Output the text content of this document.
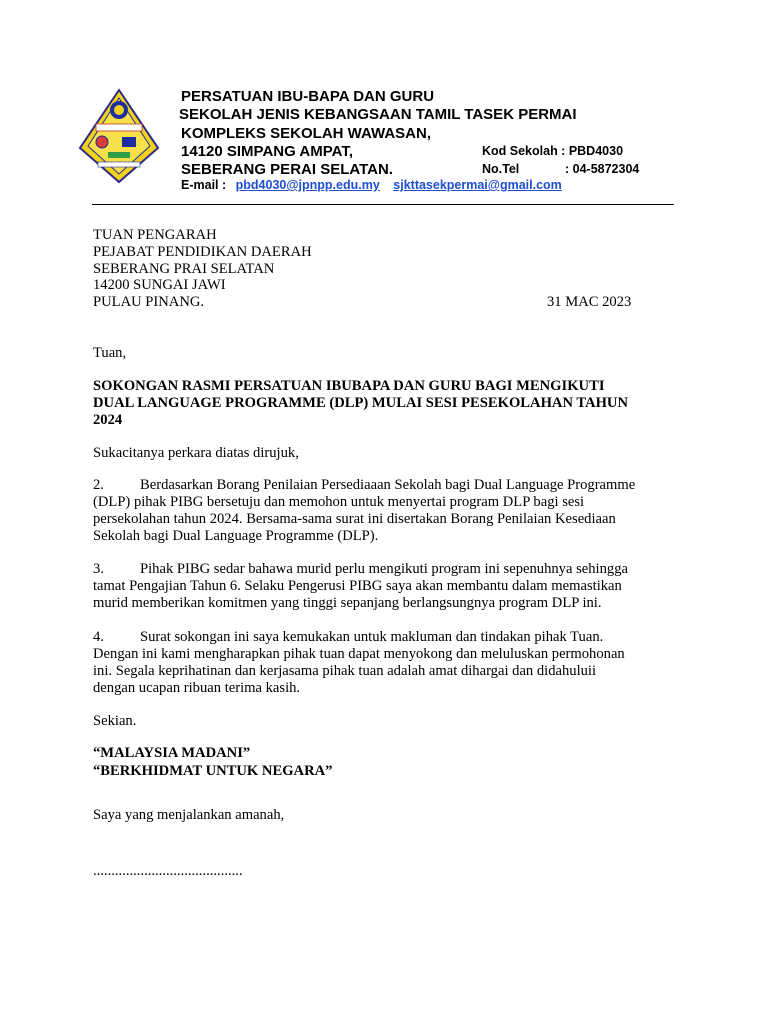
PERSATUAN IBU-BAPA DAN GURU
SEKOLAH JENIS KEBANGSAAN TAMIL TASEK PERMAI
KOMPLEKS SEKOLAH WAWASAN,
14120 SIMPANG AMPAT,
SEBERANG PERAI SELATAN.
Kod Sekolah : PBD4030
No.Tel	: 04-5872304
E-mail : pbd4030@jpnpp.edu.my sjkttasekpermai@gmail.com
TUAN PENGARAH
PEJABAT PENDIDIKAN DAERAH
SEBERANG PRAI SELATAN
14200 SUNGAI JAWI
PULAU PINANG.	31 MAC 2023
Tuan,
SOKONGAN RASMI PERSATUAN IBUBAPA DAN GURU BAGI MENGIKUTI
DUAL LANGUAGE PROGRAMME (DLP) MULAI SESI PESEKOLAHAN TAHUN
2024
Sukacitanya perkara diatas dirujuk,
2. Berdasarkan Borang Penilaian Persediaaan Sekolah bagi Dual Language Programme
(DLP) pihak PIBG bersetuju dan memohon untuk menyertai program DLP bagi sesi
persekolahan tahun 2024. Bersama-sama surat ini disertakan Borang Penilaian Kesediaan
Sekolah bagi Dual Language Programme (DLP).
3. Pihak PIBG sedar bahawa murid perlu mengikuti program ini sepenuhnya sehingga
tamat Pengajian Tahun 6. Selaku Pengerusi PIBG saya akan membantu dalam memastikan
murid memberikan komitmen yang tinggi sepanjang berlangsungnya program DLP ini.
4. Surat sokongan ini saya kemukakan untuk makluman dan tindakan pihak Tuan.
Dengan ini kami mengharapkan pihak tuan dapat menyokong dan meluluskan permohonan
ini. Segala keprihatinan dan kerjasama pihak tuan adalah amat dihargai dan didahuluii
dengan ucapan ribuan terima kasih.
Sekian.
“MALAYSIA MADANI”
“BERKHIDMAT UNTUK NEGARA”
Saya yang menjalankan amanah,
.........................................
